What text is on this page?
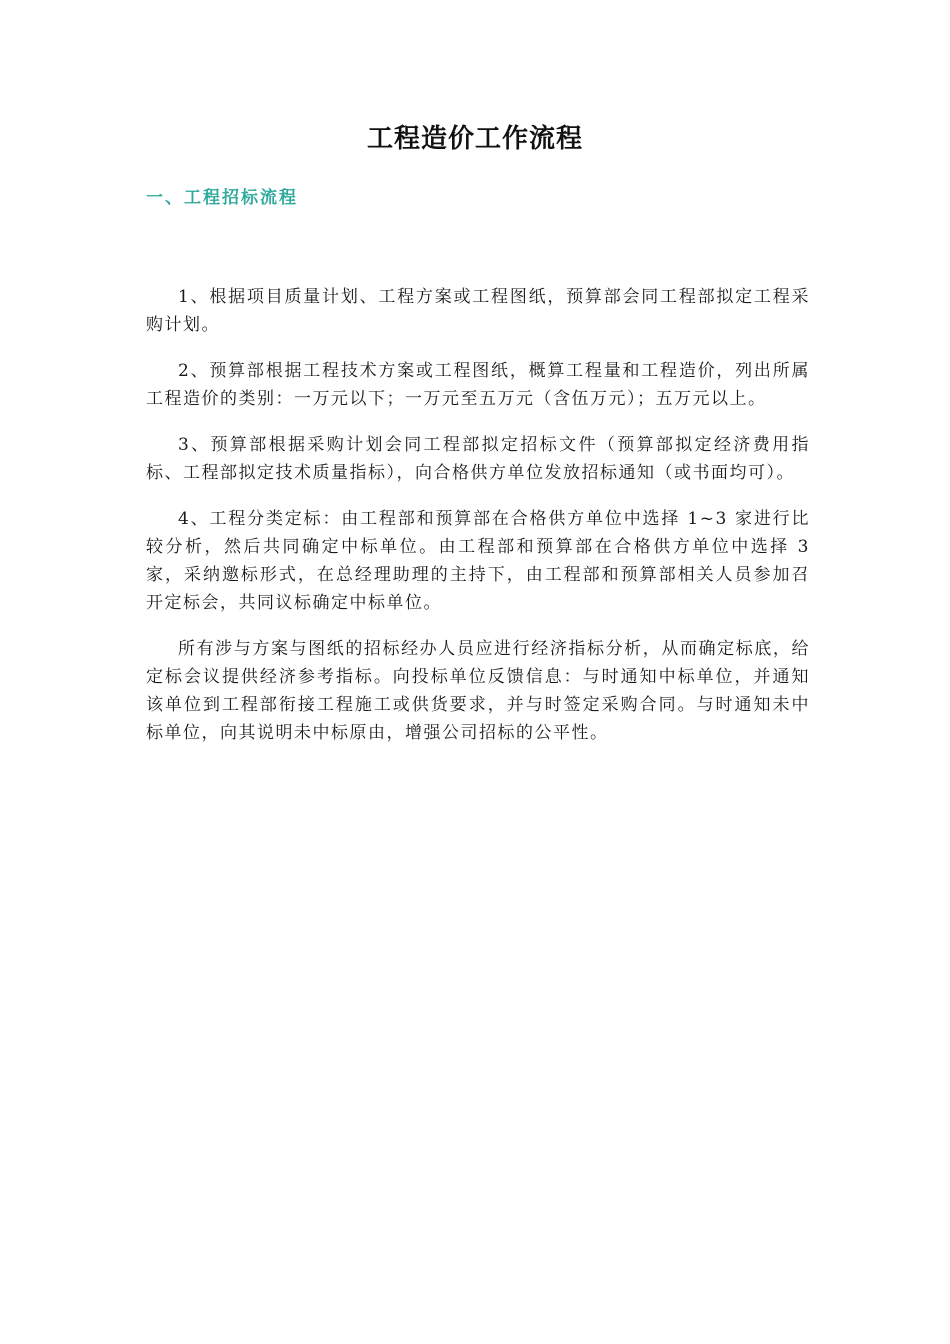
工程造价工作流程
一、工程招标流程

1、根据项目质量计划、工程方案或工程图纸，预算部会同工程部拟定工程采购计划。

2、预算部根据工程技术方案或工程图纸，概算工程量和工程造价，列出所属工程造价的类别：一万元以下；一万元至五万元（含伍万元）；五万元以上。

3、预算部根据采购计划会同工程部拟定招标文件（预算部拟定经济费用指标、工程部拟定技术质量指标），向合格供方单位发放招标通知（或书面均可）。

4、工程分类定标：由工程部和预算部在合格供方单位中选择 1~3 家进行比较分析，然后共同确定中标单位。由工程部和预算部在合格供方单位中选择 3 家，采纳邀标形式，在总经理助理的主持下，由工程部和预算部相关人员参加召开定标会，共同议标确定中标单位。

所有涉与方案与图纸的招标经办人员应进行经济指标分析，从而确定标底，给定标会议提供经济参考指标。向投标单位反馈信息：与时通知中标单位，并通知该单位到工程部衔接工程施工或供货要求，并与时签定采购合同。与时通知未中标单位，向其说明未中标原由，增强公司招标的公平性。
